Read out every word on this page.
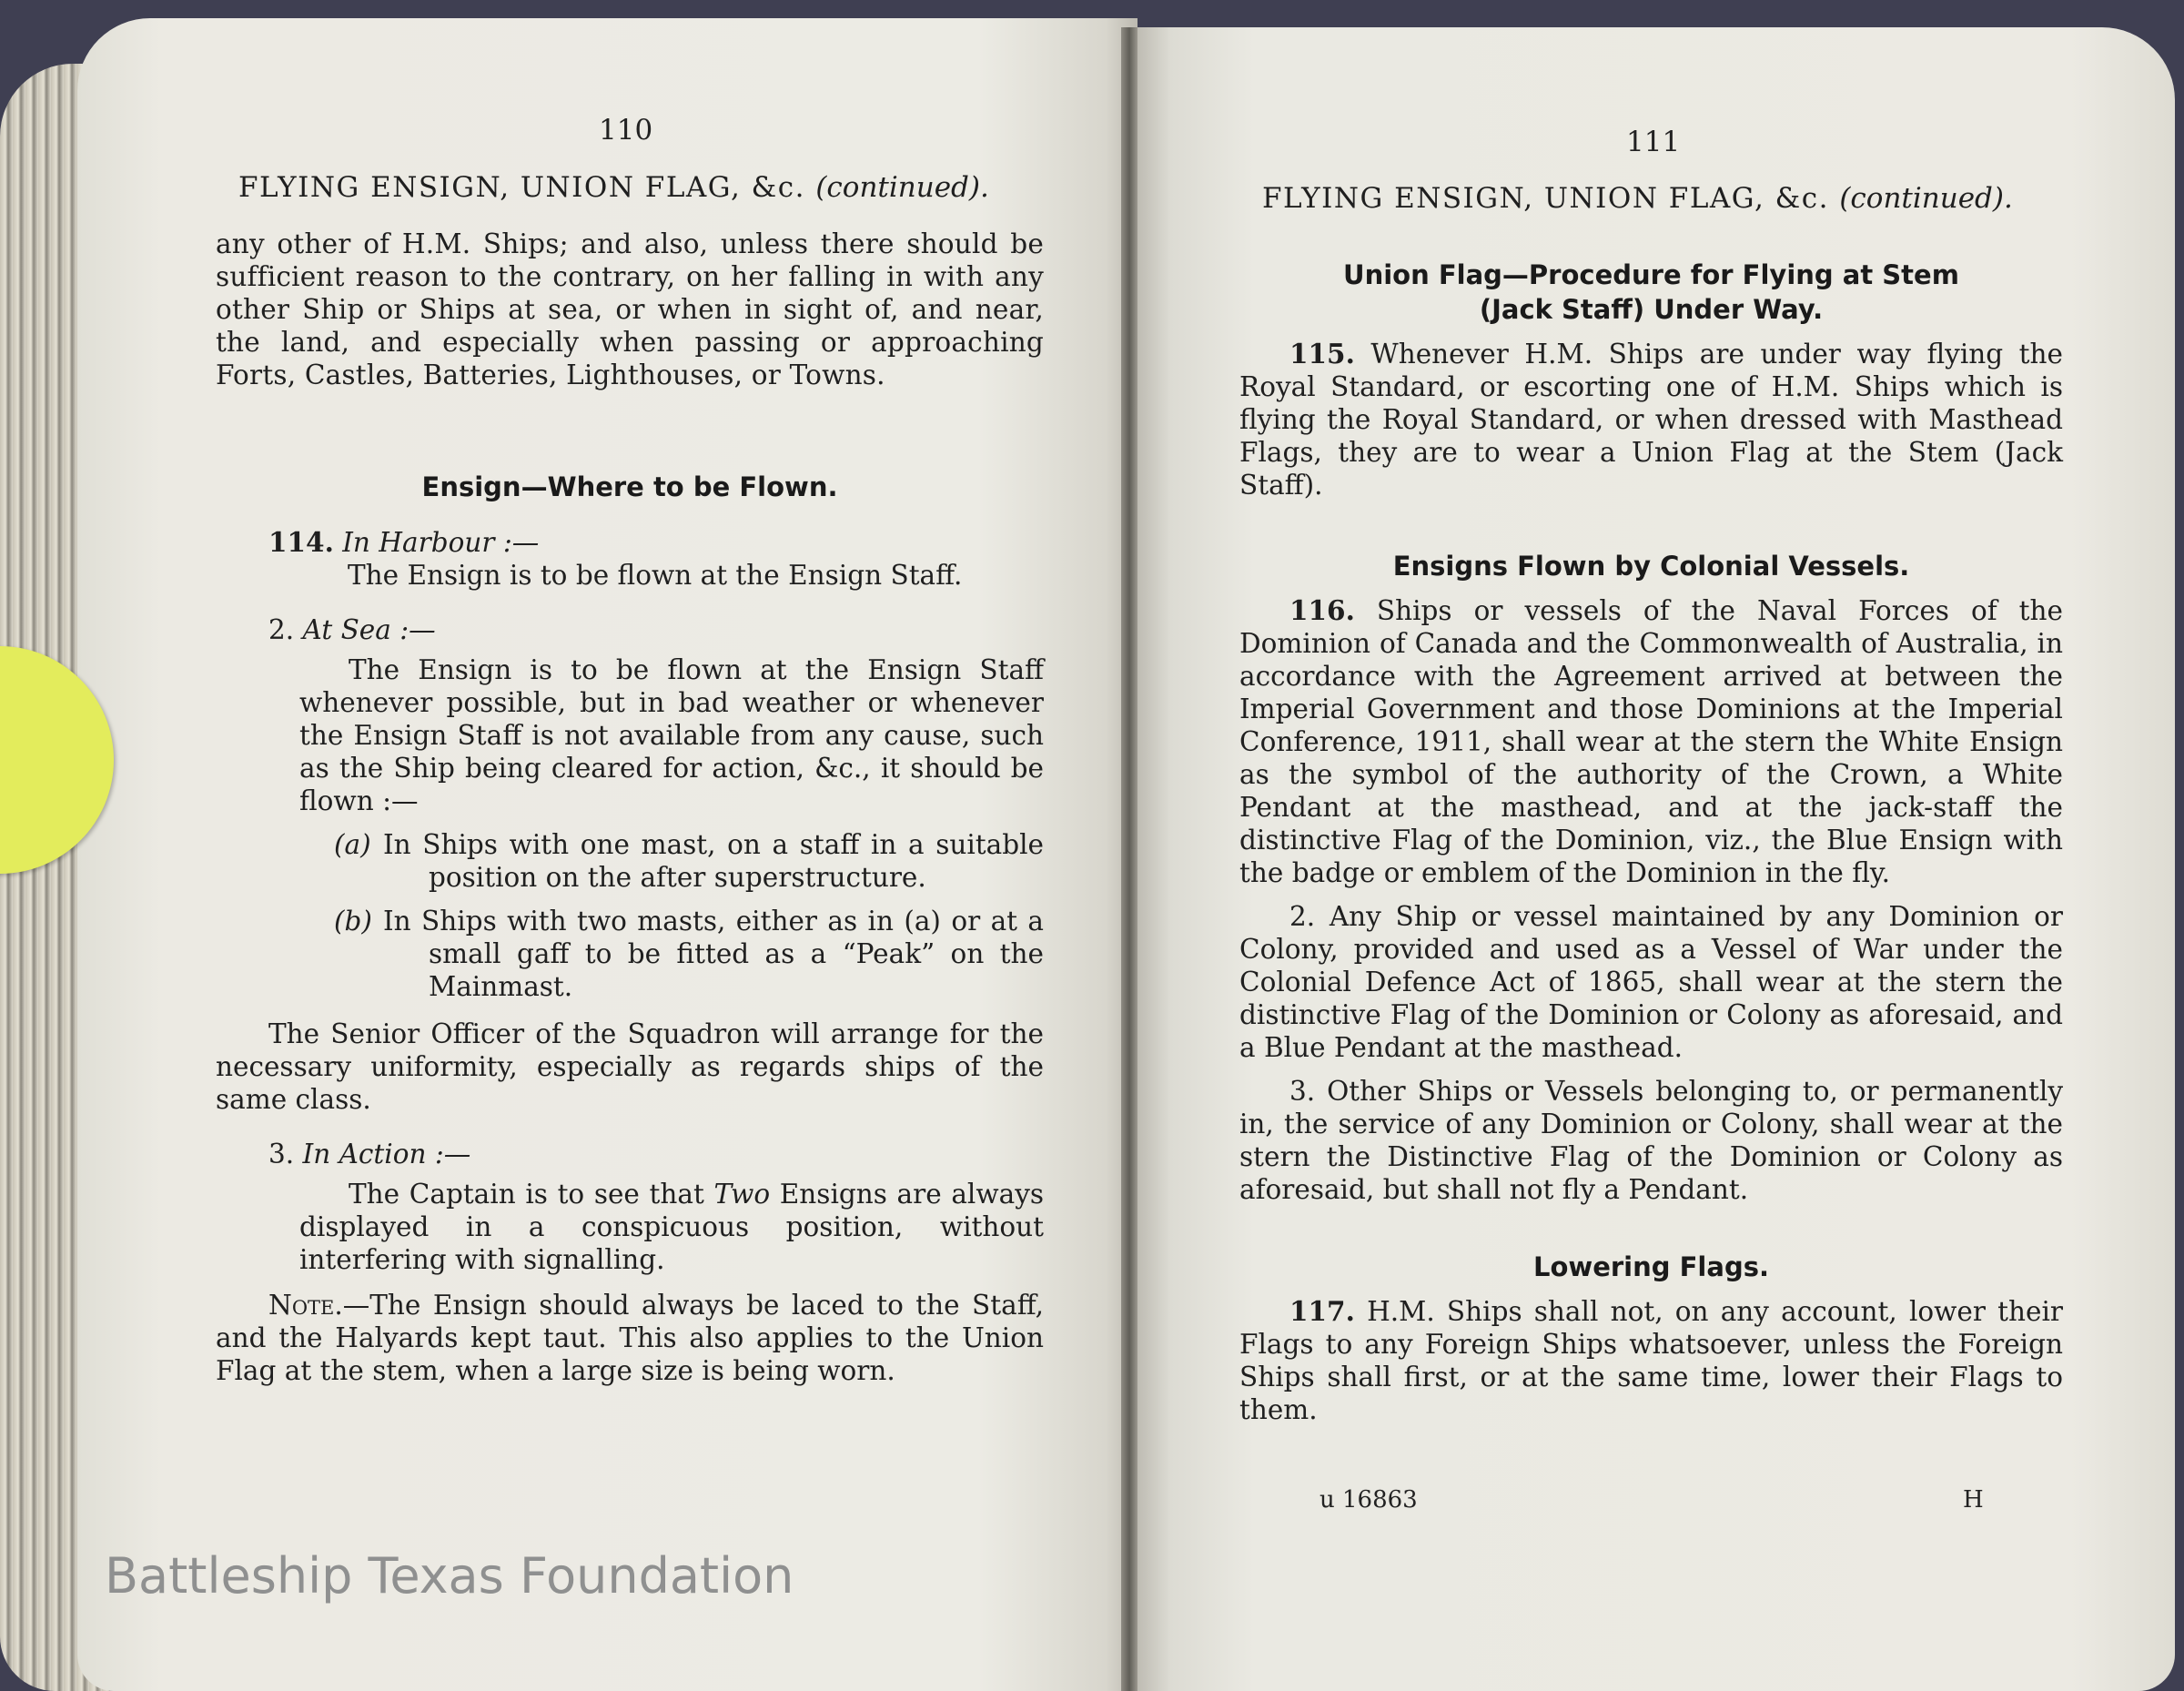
110
FLYING ENSIGN, UNION FLAG, &c. (continued).

any other of H.M. Ships; and also, unless there should be sufficient reason to the contrary, on her falling in with any other Ship or Ships at sea, or when in sight of, and near, the land, and especially when passing or approaching Forts, Castles, Batteries, Lighthouses, or Towns.

Ensign—Where to be Flown.

114. In Harbour :—

The Ensign is to be flown at the Ensign Staff.

2. At Sea :—

The Ensign is to be flown at the Ensign Staff whenever possible, but in bad weather or whenever the Ensign Staff is not available from any cause, such as the Ship being cleared for action, &c., it should be flown :—

(a) In Ships with one mast, on a staff in a suitable position on the after superstructure.

(b) In Ships with two masts, either as in (a) or at a small gaff to be fitted as a “Peak” on the Mainmast.

The Senior Officer of the Squadron will arrange for the necessary uniformity, especially as regards ships of the same class.

3. In Action :—

The Captain is to see that Two Ensigns are always displayed in a conspicuous position, without interfering with signalling.

Note.—The Ensign should always be laced to the Staff, and the Halyards kept taut. This also applies to the Union Flag at the stem, when a large size is being worn.

Battleship Texas Foundation
111
FLYING ENSIGN, UNION FLAG, &c. (continued).

Union Flag—Procedure for Flying at Stem
(Jack Staff) Under Way.

115. Whenever H.M. Ships are under way flying the Royal Standard, or escorting one of H.M. Ships which is flying the Royal Standard, or when dressed with Masthead Flags, they are to wear a Union Flag at the Stem (Jack Staff).

Ensigns Flown by Colonial Vessels.

116. Ships or vessels of the Naval Forces of the Dominion of Canada and the Commonwealth of Australia, in accordance with the Agreement arrived at between the Imperial Government and those Dominions at the Imperial Conference, 1911, shall wear at the stern the White Ensign as the symbol of the authority of the Crown, a White Pendant at the masthead, and at the jack-staff the distinctive Flag of the Dominion, viz., the Blue Ensign with the badge or emblem of the Dominion in the fly.

2. Any Ship or vessel maintained by any Dominion or Colony, provided and used as a Vessel of War under the Colonial Defence Act of 1865, shall wear at the stern the distinctive Flag of the Dominion or Colony as aforesaid, and a Blue Pendant at the masthead.

3. Other Ships or Vessels belonging to, or permanently in, the service of any Dominion or Colony, shall wear at the stern the Distinctive Flag of the Dominion or Colony as aforesaid, but shall not fly a Pendant.

Lowering Flags.

117. H.M. Ships shall not, on any account, lower their Flags to any Foreign Ships whatsoever, unless the Foreign Ships shall first, or at the same time, lower their Flags to them.

u 16863	H
